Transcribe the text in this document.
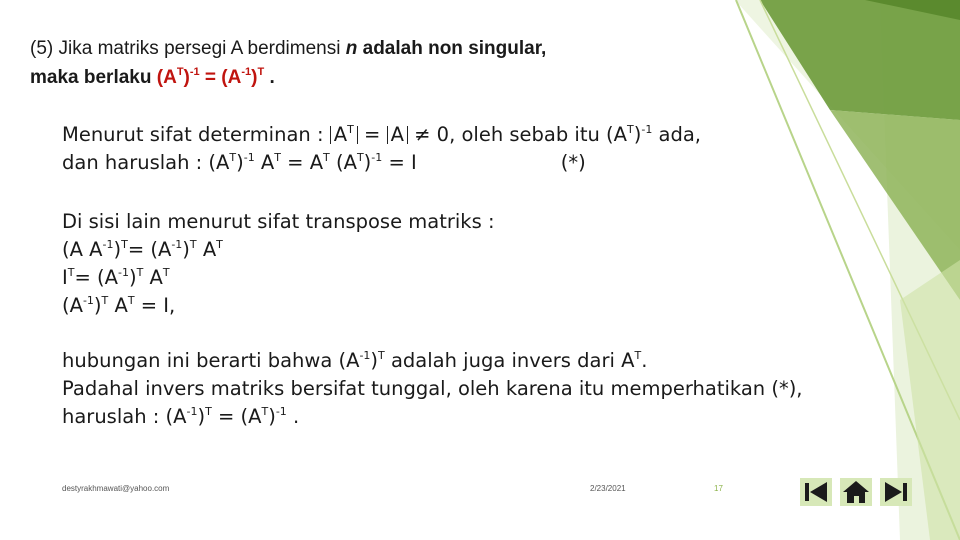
(5) Jika matriks persegi A berdimensi n adalah non singular,
maka berlaku $(A^T)^{-1} = (A^{-1})^T$ .

Menurut sifat determinan : $A^T = A \ne 0$, oleh sebab itu $(A^T)^{-1}$ ada,

dan haruslah : $(A^T)^{-1}$ $A^T = A^T$ $(A^T)^{-1} = I$	(*)

Di sisi lain menurut sifat transpose matriks :

(A $A^{-1})^T= (A^{-1})^T$ $A^T$

$I^T= (A^{-1})^T$ $A^T$

$(A^{-1})^T$ $A^T = I$,

hubungan ini berarti bahwa $(A^{-1})^T$ adalah juga invers dari $A^T$.

Padahal invers matriks bersifat tunggal, oleh karena itu memperhatikan (*),

haruslah : $(A^{-1})^T = (A^T)^{-1}$ .

destyrakhmawati@yahoo.com	2/23/2021	17
